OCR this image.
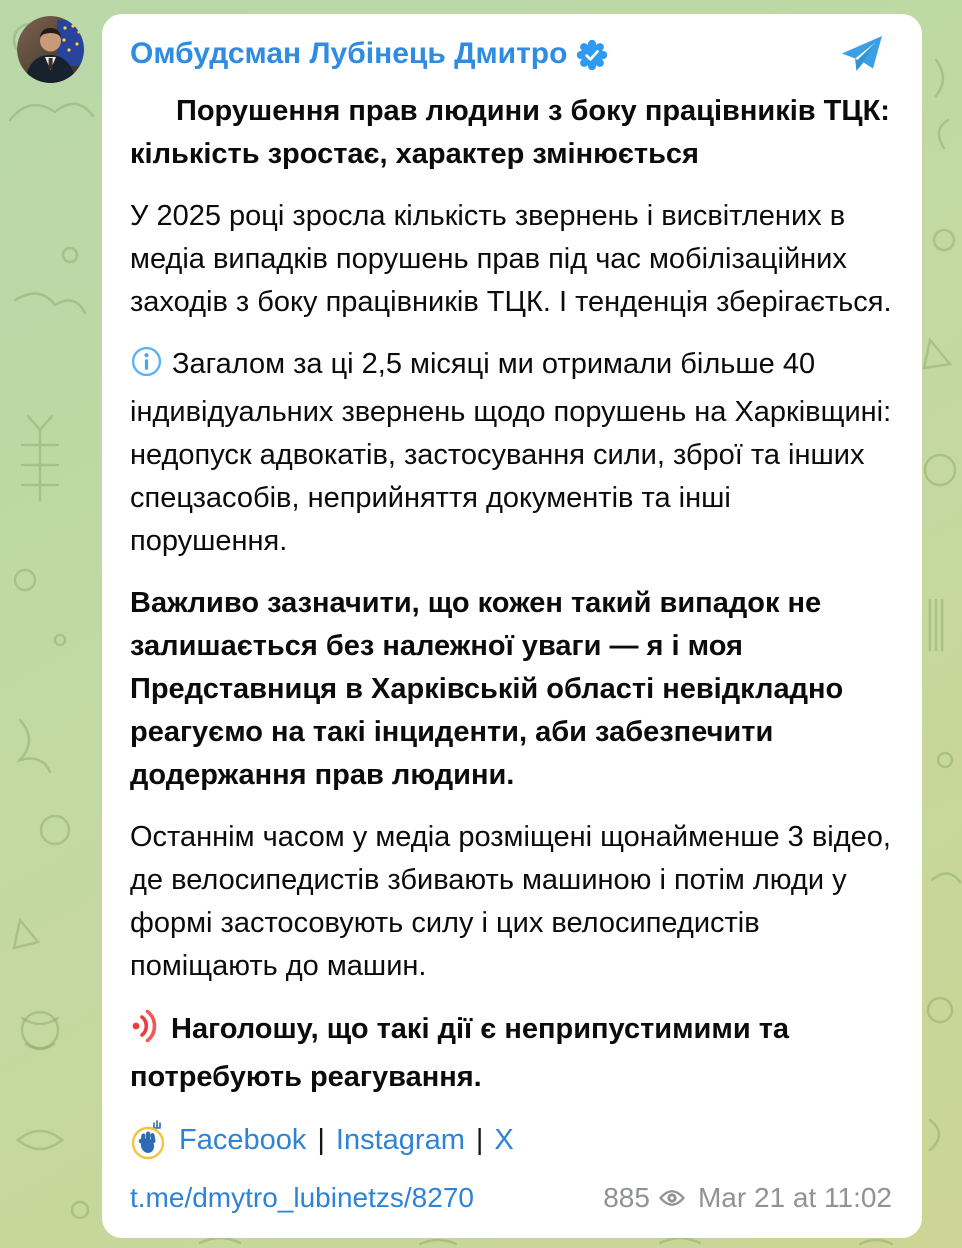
Омбудсман Лубінець Дмитро
Порушення прав людини з боку працівників ТЦК: кількість зростає, характер змінюється
У 2025 році зросла кількість звернень і висвітлених в медіа випадків порушень прав під час мобілізаційних заходів з боку працівників ТЦК. І тенденція зберігається.
Загалом за ці 2,5 місяці ми отримали більше 40 індивідуальних звернень щодо порушень на Харківщині: недопуск адвокатів, застосування сили, зброї та інших спецзасобів, неприйняття документів та інші порушення.
Важливо зазначити, що кожен такий випадок не залишається без належної уваги — я і моя Представниця в Харківській області невідкладно реагуємо на такі інциденти, аби забезпечити додержання прав людини.
Останнім часом у медіа розміщені щонайменше 3 відео, де велосипедистів збивають машиною і потім люди у формі застосовують силу і цих велосипедистів поміщають до машин.
Наголошу, що такі дії є неприпустимими та потребують реагування.
Facebook | Instagram | X
t.me/dmytro_lubinetzs/8270	885 Mar 21 at 11:02
